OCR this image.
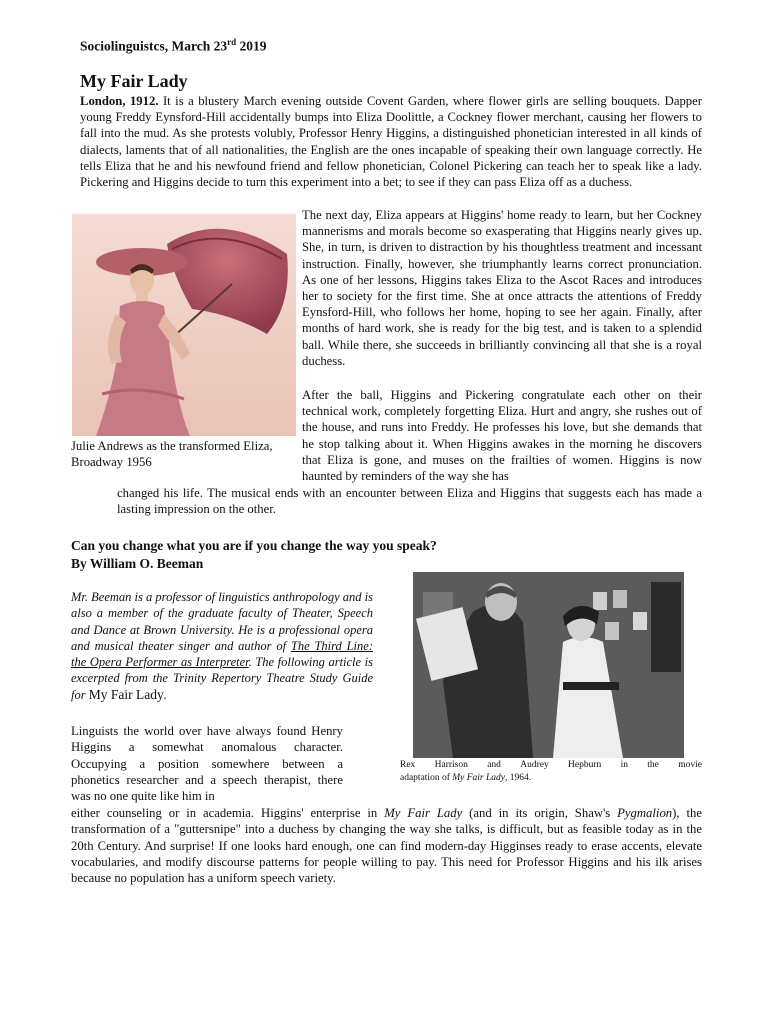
Sociolinguistcs, March 23rd 2019
My Fair Lady

London, 1912. It is a blustery March evening outside Covent Garden, where flower girls are selling bouquets. Dapper young Freddy Eynsford-Hill accidentally bumps into Eliza Doolittle, a Cockney flower merchant, causing her flowers to fall into the mud. As she protests volubly, Professor Henry Higgins, a distinguished phonetician interested in all kinds of dialects, laments that of all nationalities, the English are the ones incapable of speaking their own language correctly. He tells Eliza that he and his newfound friend and fellow phonetician, Colonel Pickering can teach her to speak like a lady. Pickering and Higgins decide to turn this experiment into a bet; to see if they can pass Eliza off as a duchess.

Julie Andrews as the transformed Eliza, Broadway 1956

The next day, Eliza appears at Higgins' home ready to learn, but her Cockney mannerisms and morals become so exasperating that Higgins nearly gives up. She, in turn, is driven to distraction by his thoughtless treatment and incessant instruction. Finally, however, she triumphantly learns correct pronunciation. As one of her lessons, Higgins takes Eliza to the Ascot Races and introduces her to society for the first time. She at once attracts the attentions of Freddy Eynsford-Hill, who follows her home, hoping to see her again. Finally, after months of hard work, she is ready for the big test, and is taken to a splendid ball. While there, she succeeds in brilliantly convincing all that she is a royal duchess.

After the ball, Higgins and Pickering congratulate each other on their technical work, completely forgetting Eliza. Hurt and angry, she rushes out of the house, and runs into Freddy. He professes his love, but she demands that he stop talking about it. When Higgins awakes in the morning he discovers that Eliza is gone, and muses on the frailties of women. Higgins is now haunted by reminders of the way she has

changed his life. The musical ends with an encounter between Eliza and Higgins that suggests each has made a lasting impression on the other.

Can you change what you are if you change the way you speak?
By William O. Beeman

Mr. Beeman is a professor of linguistics anthropology and is also a member of the graduate faculty of Theater, Speech and Dance at Brown University. He is a professional opera and musical theater singer and author of The Third Line: the Opera Performer as Interpreter. The following article is excerpted from the Trinity Repertory Theatre Study Guide for My Fair Lady.

Rex Harrison and Audrey Hepburn in the movie
adaptation of My Fair Lady, 1964.

Linguists the world over have always found Henry Higgins a somewhat anomalous character. Occupying a position somewhere between a phonetics researcher and a speech therapist, there was no one quite like him in

either counseling or in academia. Higgins' enterprise in My Fair Lady (and in its origin, Shaw's Pygmalion), the transformation of a "guttersnipe" into a duchess by changing the way she talks, is difficult, but as feasible today as in the 20th Century. And surprise! If one looks hard enough, one can find modern-day Higginses ready to erase accents, elevate vocabularies, and modify discourse patterns for people willing to pay. This need for Professor Higgins and his ilk arises because no population has a uniform speech variety.
